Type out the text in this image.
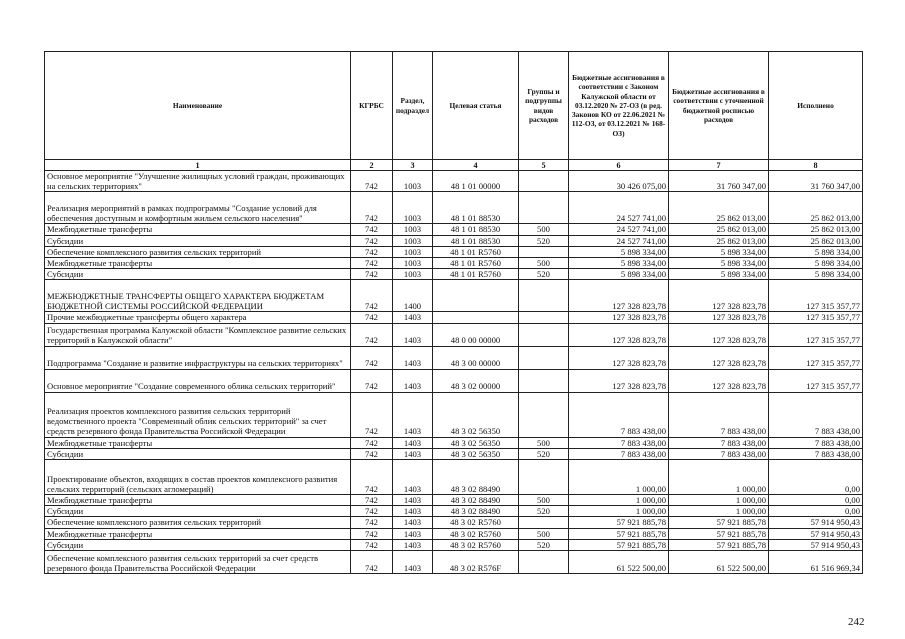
Наименование	КГРБС	Раздел, подраздел	Целевая статья	Группы и подгруппы видов расходов	Бюджетные ассигнования в соответствии с Законом Калужской области от 03.12.2020 № 27-ОЗ (в ред. Законов КО от 22.06.2021 № 112-ОЗ, от 03.12.2021 № 168-ОЗ)	Бюджетные ассигнования в соответствии с уточненной бюджетной росписью расходов	Исполнено
1	2	3	4	5	6	7	8
Основное мероприятие "Улучшение жилищных условий граждан, проживающих на сельских территориях"	742	1003	48 1 01 00000		30 426 075,00	31 760 347,00	31 760 347,00
Реализация мероприятий в рамках подпрограммы "Создание условий для обеспечения доступным и комфортным жильем сельского населения"	742	1003	48 1 01 88530		24 527 741,00	25 862 013,00	25 862 013,00
Межбюджетные трансферты	742	1003	48 1 01 88530	500	24 527 741,00	25 862 013,00	25 862 013,00
Субсидии	742	1003	48 1 01 88530	520	24 527 741,00	25 862 013,00	25 862 013,00
Обеспечение комплексного развития сельских территорий	742	1003	48 1 01 R5760		5 898 334,00	5 898 334,00	5 898 334,00
Межбюджетные трансферты	742	1003	48 1 01 R5760	500	5 898 334,00	5 898 334,00	5 898 334,00
Субсидии	742	1003	48 1 01 R5760	520	5 898 334,00	5 898 334,00	5 898 334,00
МЕЖБЮДЖЕТНЫЕ ТРАНСФЕРТЫ ОБЩЕГО ХАРАКТЕРА БЮДЖЕТАМ БЮДЖЕТНОЙ СИСТЕМЫ РОССИЙСКОЙ ФЕДЕРАЦИИ	742	1400			127 328 823,78	127 328 823,78	127 315 357,77
Прочие межбюджетные трансферты общего характера	742	1403			127 328 823,78	127 328 823,78	127 315 357,77
Государственная программа Калужской области "Комплексное развитие сельских территорий в Калужской области"	742	1403	48 0 00 00000		127 328 823,78	127 328 823,78	127 315 357,77
Подпрограмма "Создание и развитие инфраструктуры на сельских территориях"	742	1403	48 3 00 00000		127 328 823,78	127 328 823,78	127 315 357,77
Основное мероприятие "Создание современного облика сельских территорий"	742	1403	48 3 02 00000		127 328 823,78	127 328 823,78	127 315 357,77
Реализация проектов комплексного развития сельских территорий ведомственного проекта "Современный облик сельских территорий" за счет средств резервного фонда Правительства Российской Федерации	742	1403	48 3 02 56350		7 883 438,00	7 883 438,00	7 883 438,00
Межбюджетные трансферты	742	1403	48 3 02 56350	500	7 883 438,00	7 883 438,00	7 883 438,00
Субсидии	742	1403	48 3 02 56350	520	7 883 438,00	7 883 438,00	7 883 438,00
Проектирование объектов, входящих в состав проектов комплексного развития сельских территорий (сельских агломераций)	742	1403	48 3 02 88490		1 000,00	1 000,00	0,00
Межбюджетные трансферты	742	1403	48 3 02 88490	500	1 000,00	1 000,00	0,00
Субсидии	742	1403	48 3 02 88490	520	1 000,00	1 000,00	0,00
Обеспечение комплексного развития сельских территорий	742	1403	48 3 02 R5760		57 921 885,78	57 921 885,78	57 914 950,43
Межбюджетные трансферты	742	1403	48 3 02 R5760	500	57 921 885,78	57 921 885,78	57 914 950,43
Субсидии	742	1403	48 3 02 R5760	520	57 921 885,78	57 921 885,78	57 914 950,43
Обеспечение комплексного развития сельских территорий за счет средств резервного фонда Правительства Российской Федерации	742	1403	48 3 02 R576F		61 522 500,00	61 522 500,00	61 516 969,34
242
